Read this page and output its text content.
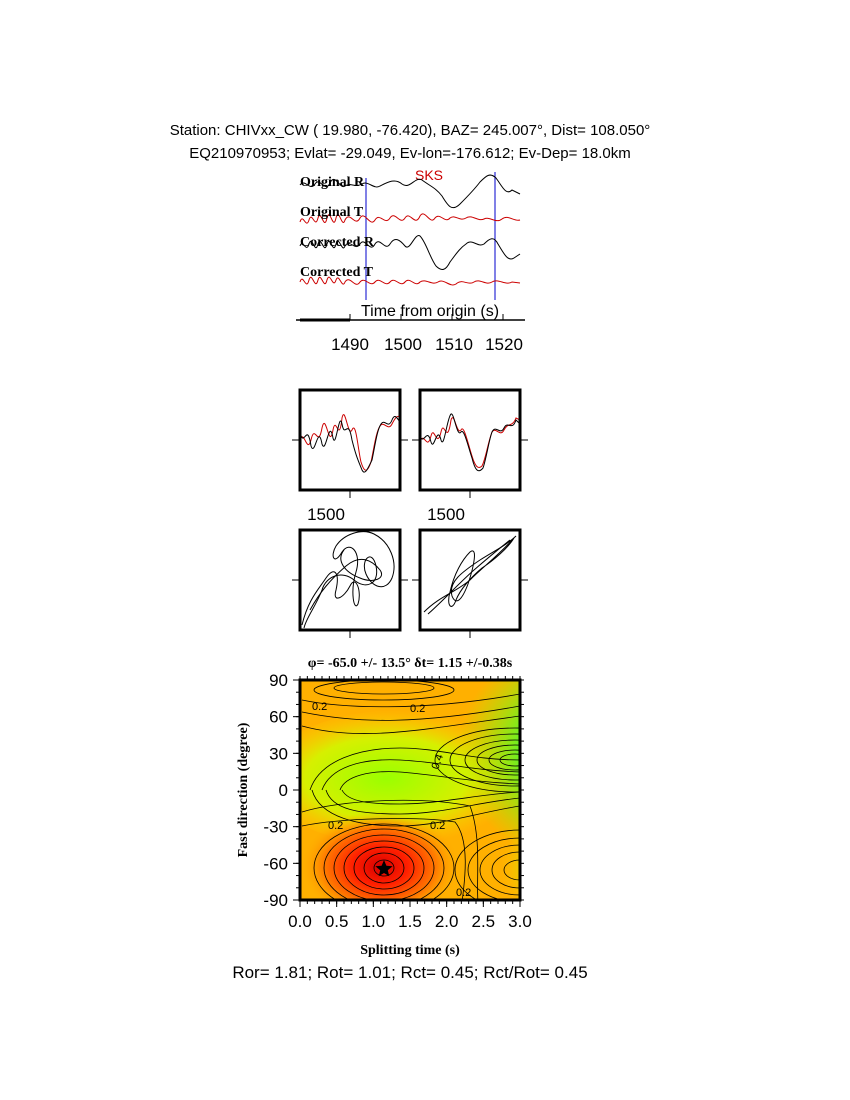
Station: CHIVxx_CW ( 19.980, -76.420), BAZ= 245.007°, Dist= 108.050°
EQ210970953; Evlat= -29.049, Ev-lon=-176.612; Ev-Dep= 18.0km
SKS
Original R
Original T
Corrected R
Corrected T
Time from origin (s)
1490 1500 1510 1520
1500	1500
φ= -65.0 +/- 13.5° δt= 1.15 +/-0.38s
0.2	0.2
0.4
0.2	0.2
0.2
90
60
30
0
-30
-60
-90
0.0 0.5 1.0 1.5 2.0 2.5 3.0
Fast direction (degree)
Splitting time (s)
Ror= 1.81; Rot= 1.01; Rct= 0.45; Rct/Rot= 0.45
